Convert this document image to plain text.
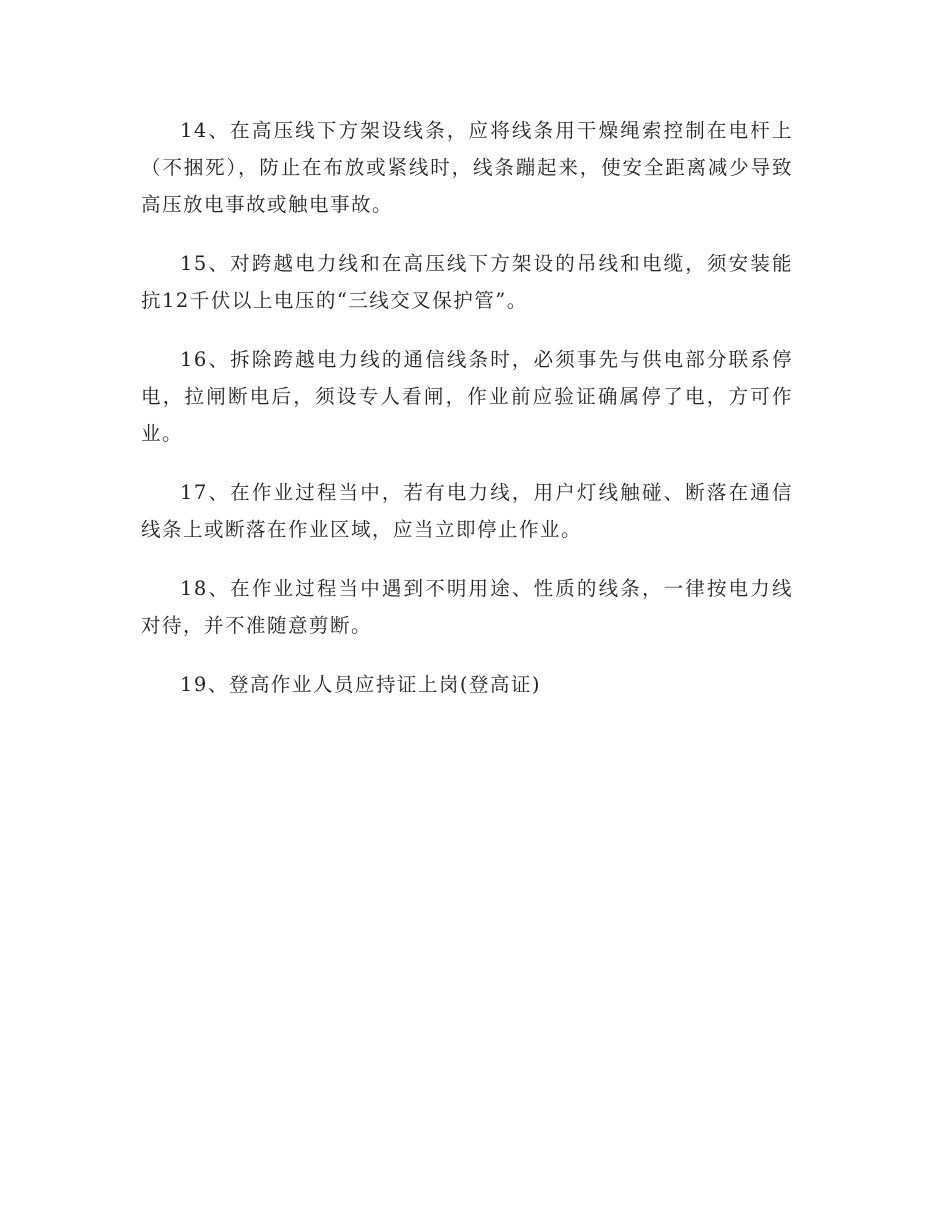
14、在高压线下方架设线条，应将线条用干燥绳索控制在电杆上（不捆死），防止在布放或紧线时，线条蹦起来，使安全距离减少导致高压放电事故或触电事故。

15、对跨越电力线和在高压线下方架设的吊线和电缆，须安装能抗12千伏以上电压的“三线交叉保护管”。

16、拆除跨越电力线的通信线条时，必须事先与供电部分联系停电，拉闸断电后，须设专人看闸，作业前应验证确属停了电，方可作业。

17、在作业过程当中，若有电力线，用户灯线触碰、断落在通信线条上或断落在作业区域，应当立即停止作业。

18、在作业过程当中遇到不明用途、性质的线条，一律按电力线对待，并不准随意剪断。

19、登高作业人员应持证上岗(登高证)
